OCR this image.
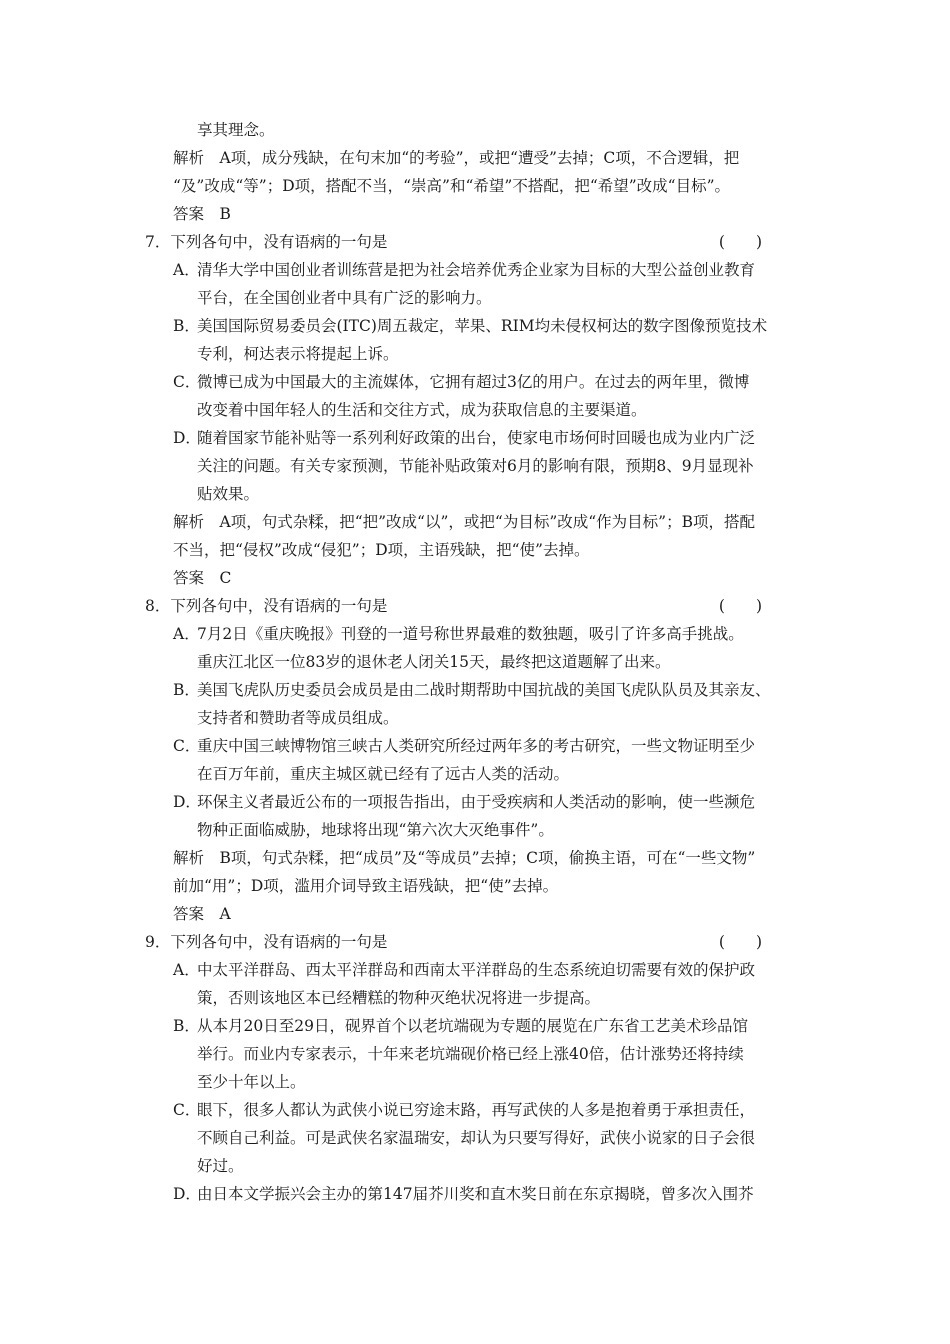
享其理念。
解析　A项，成分残缺，在句末加“的考验”，或把“遭受”去掉；C项，不合逻辑，把
“及”改成“等”；D项，搭配不当，“崇高”和“希望”不搭配，把“希望”改成“目标”。
答案　B
7．下列各句中，没有语病的一句是	(　　)
A．
清华大学中国创业者训练营是把为社会培养优秀企业家为目标的大型公益创业教育
平台，在全国创业者中具有广泛的影响力。
B．
美国国际贸易委员会(ITC)周五裁定，苹果、RIM均未侵权柯达的数字图像预览技术
专利，柯达表示将提起上诉。
C．
微博已成为中国最大的主流媒体，它拥有超过3亿的用户。在过去的两年里，微博
改变着中国年轻人的生活和交往方式，成为获取信息的主要渠道。
D．
随着国家节能补贴等一系列利好政策的出台，使家电市场何时回暖也成为业内广泛
关注的问题。有关专家预测，节能补贴政策对6月的影响有限，预期8、9月显现补
贴效果。
解析　A项，句式杂糅，把“把”改成“以”，或把“为目标”改成“作为目标”；B项，搭配
不当，把“侵权”改成“侵犯”；D项，主语残缺，把“使”去掉。
答案　C
8．下列各句中，没有语病的一句是	(　　)
A．
7月2日《重庆晚报》刊登的一道号称世界最难的数独题，吸引了许多高手挑战。
重庆江北区一位83岁的退休老人闭关15天，最终把这道题解了出来。
B．
美国飞虎队历史委员会成员是由二战时期帮助中国抗战的美国飞虎队队员及其亲友、
支持者和赞助者等成员组成。
C．
重庆中国三峡博物馆三峡古人类研究所经过两年多的考古研究，一些文物证明至少
在百万年前，重庆主城区就已经有了远古人类的活动。
D．
环保主义者最近公布的一项报告指出，由于受疾病和人类活动的影响，使一些濒危
物种正面临威胁，地球将出现“第六次大灭绝事件”。
解析　B项，句式杂糅，把“成员”及“等成员”去掉；C项，偷换主语，可在“一些文物”
前加“用”；D项，滥用介词导致主语残缺，把“使”去掉。
答案　A
9．下列各句中，没有语病的一句是	(　　)
A．
中太平洋群岛、西太平洋群岛和西南太平洋群岛的生态系统迫切需要有效的保护政
策，否则该地区本已经糟糕的物种灭绝状况将进一步提高。
B．
从本月20日至29日，砚界首个以老坑端砚为专题的展览在广东省工艺美术珍品馆
举行。而业内专家表示，十年来老坑端砚价格已经上涨40倍，估计涨势还将持续
至少十年以上。
C．
眼下，很多人都认为武侠小说已穷途末路，再写武侠的人多是抱着勇于承担责任，
不顾自己利益。可是武侠名家温瑞安，却认为只要写得好，武侠小说家的日子会很
好过。
D．
由日本文学振兴会主办的第147届芥川奖和直木奖日前在东京揭晓，曾多次入围芥
